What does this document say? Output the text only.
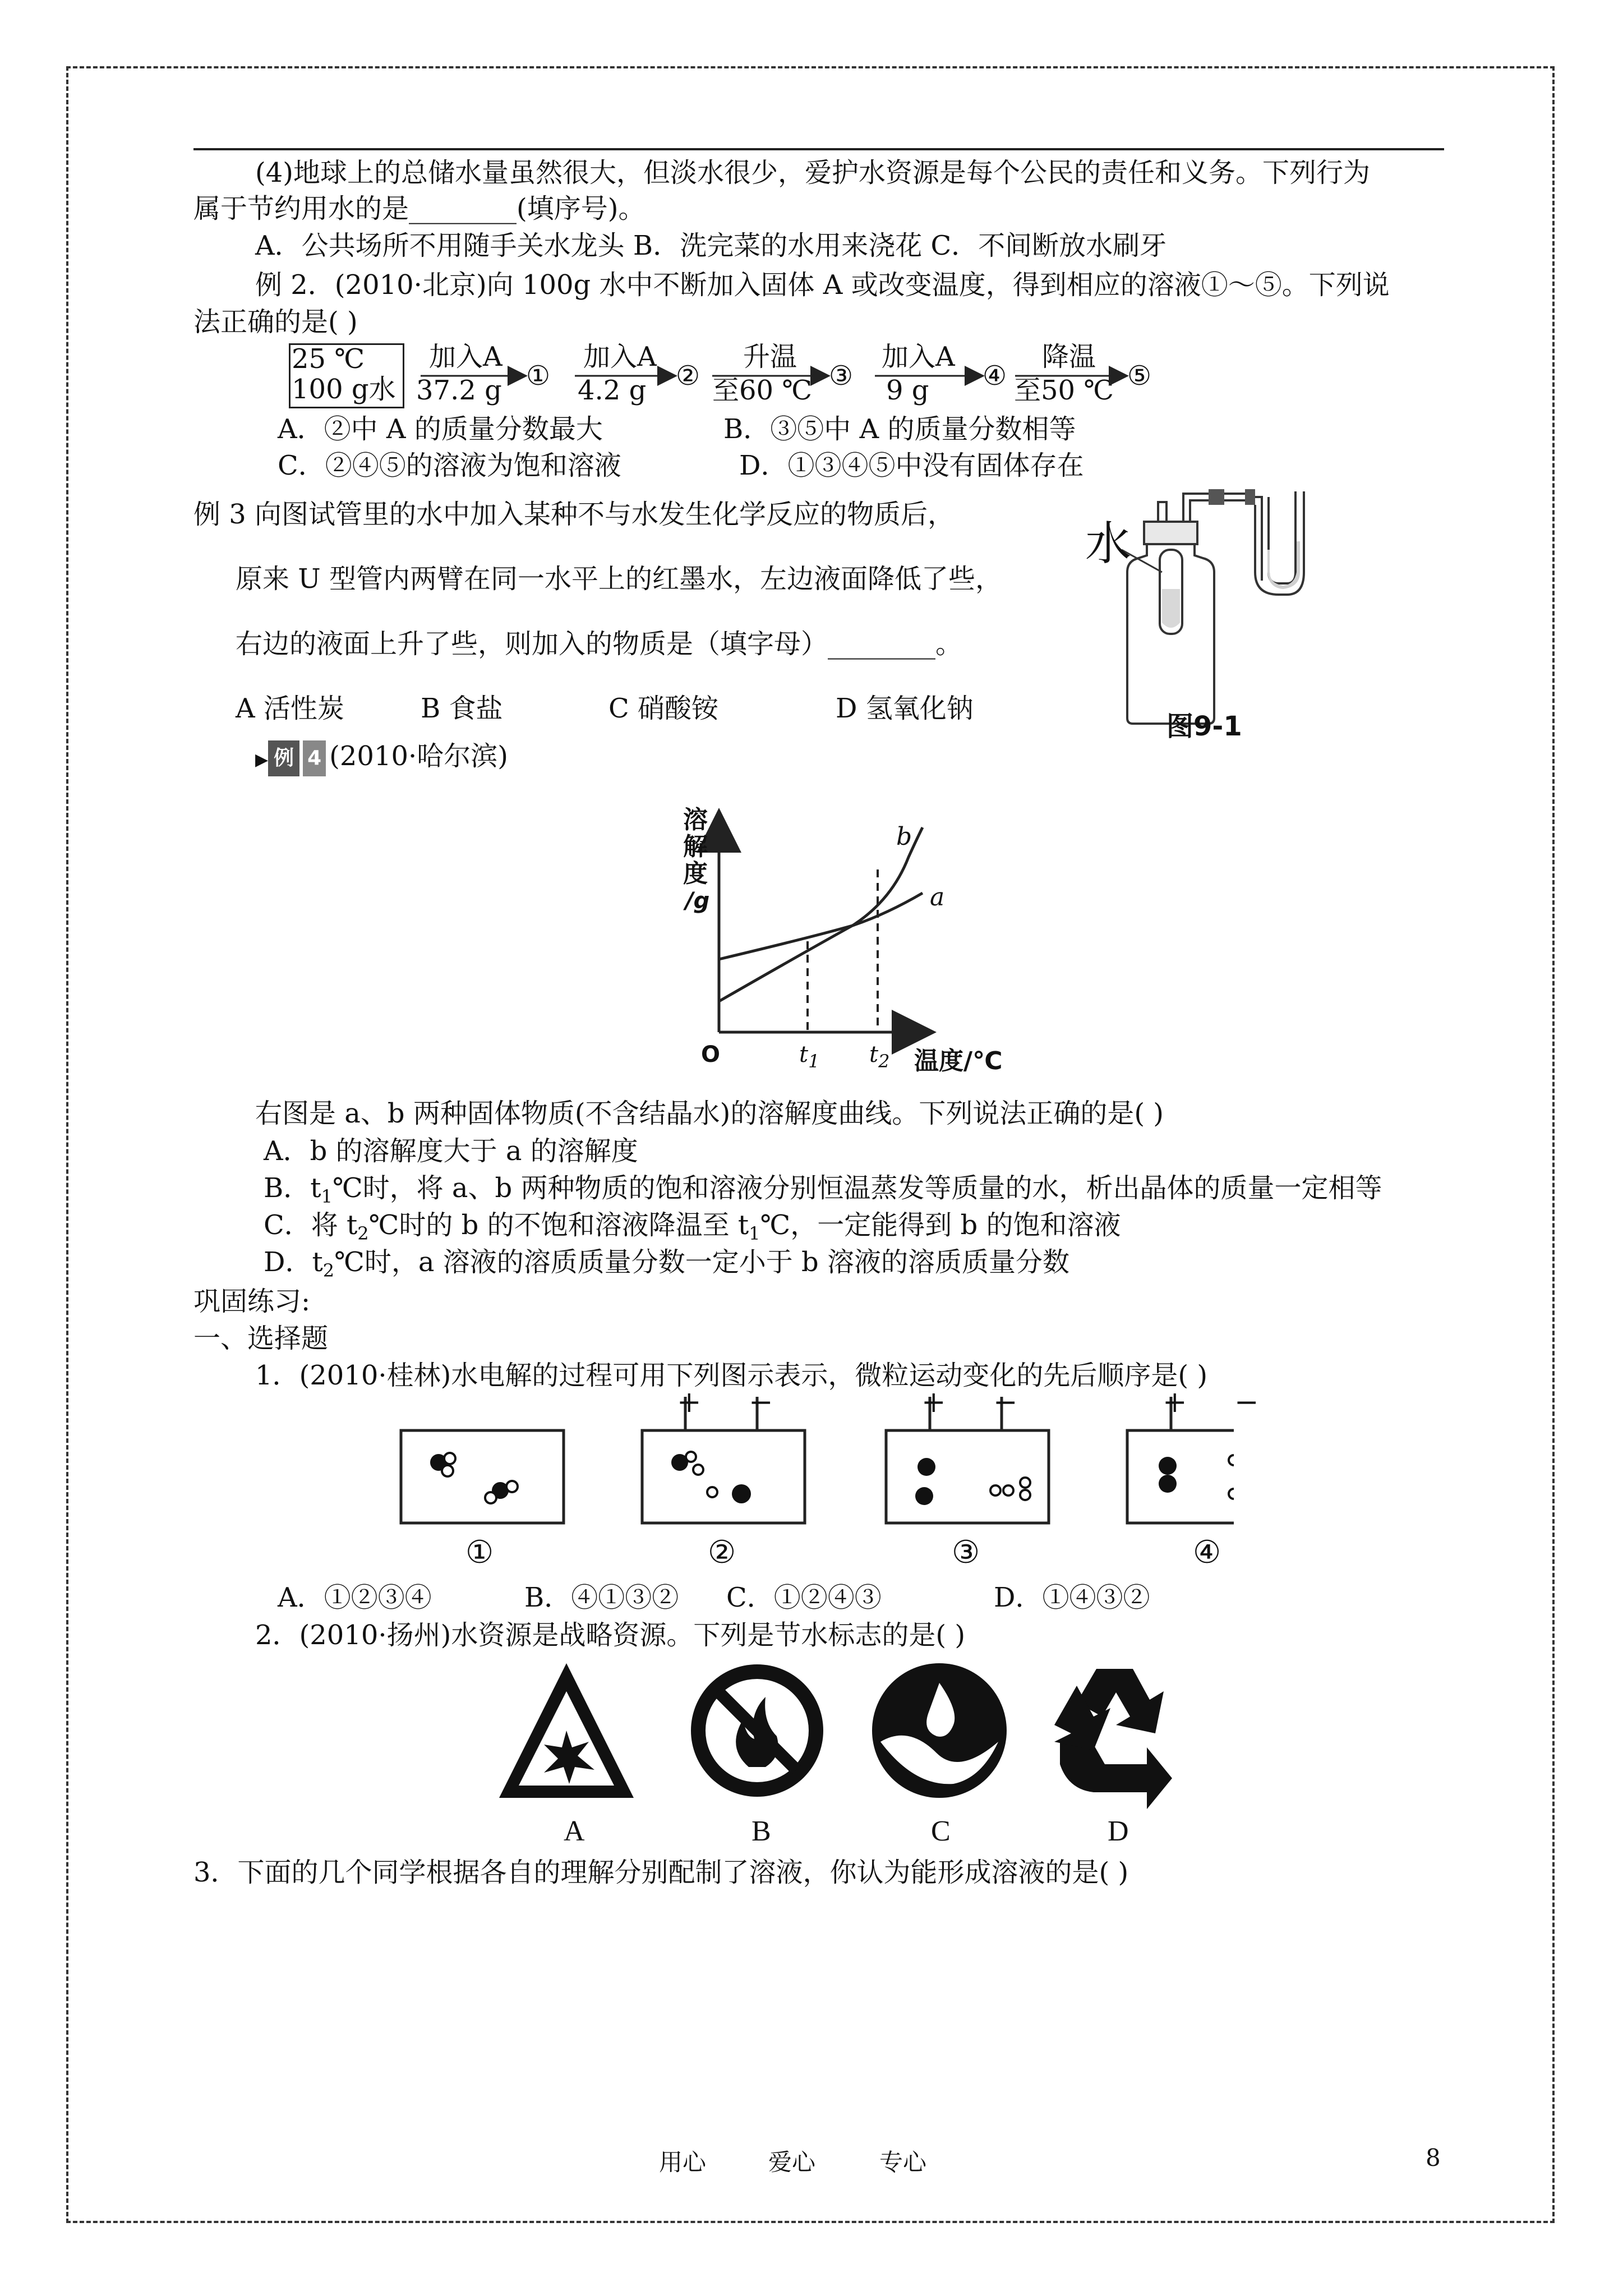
(4)地球上的总储水量虽然很大，但淡水很少，爱护水资源是每个公民的责任和义务。下列行为
属于节约用水的是________(填序号)。
A．公共场所不用随手关水龙头 B．洗完菜的水用来浇花 C．不间断放水刷牙
例 2．(2010·北京)向 100g 水中不断加入固体 A 或改变温度，得到相应的溶液①～⑤。下列说
法正确的是( )
25 ℃
100 g水
加入A
37.2 g ①
加入A
4.2 g ②
升温
至60 ℃ ③
加入A
9 g ④
降温
至50 ℃ ⑤
A．②中 A 的质量分数最大	B．③⑤中 A 的质量分数相等
C．②④⑤的溶液为饱和溶液	D．①③④⑤中没有固体存在
例 3 向图试管里的水中加入某种不与水发生化学反应的物质后，
原来 U 型管内两臂在同一水平上的红墨水，左边液面降低了些，
右边的液面上升了些，则加入的物质是（填字母）________。
A 活性炭	B 食盐	C 硝酸铵	D 氢氧化钠
水
图9-1
▶ 例 4 (2010·哈尔滨)
溶
解
度
/g
b
a
O	$t_1$ $t_2$ 温度/℃
右图是 a、b 两种固体物质(不含结晶水)的溶解度曲线。下列说法正确的是( )
A．b 的溶解度大于 a 的溶解度
B．$t_1℃$时，将 a、b 两种物质的饱和溶液分别恒温蒸发等质量的水，析出晶体的质量一定相等
C．将 $t_2℃$时的 b 的不饱和溶液降温至 $t_1℃$，一定能得到 b 的饱和溶液
D．$t_2℃$时，a 溶液的溶质质量分数一定小于 b 溶液的溶质质量分数
巩固练习:
一、选择题
1．(2010·桂林)水电解的过程可用下列图示表示，微粒运动变化的先后顺序是( )
+ −	+ −	+ −
①	②	③	④
A．①②③④	B．④①③② C．①②④③	D．①④③②
2．(2010·扬州)水资源是战略资源。下列是节水标志的是( )
A	B	C	D
3．下面的几个同学根据各自的理解分别配制了溶液，你认为能形成溶液的是( )
用心	爱心	专心	8
